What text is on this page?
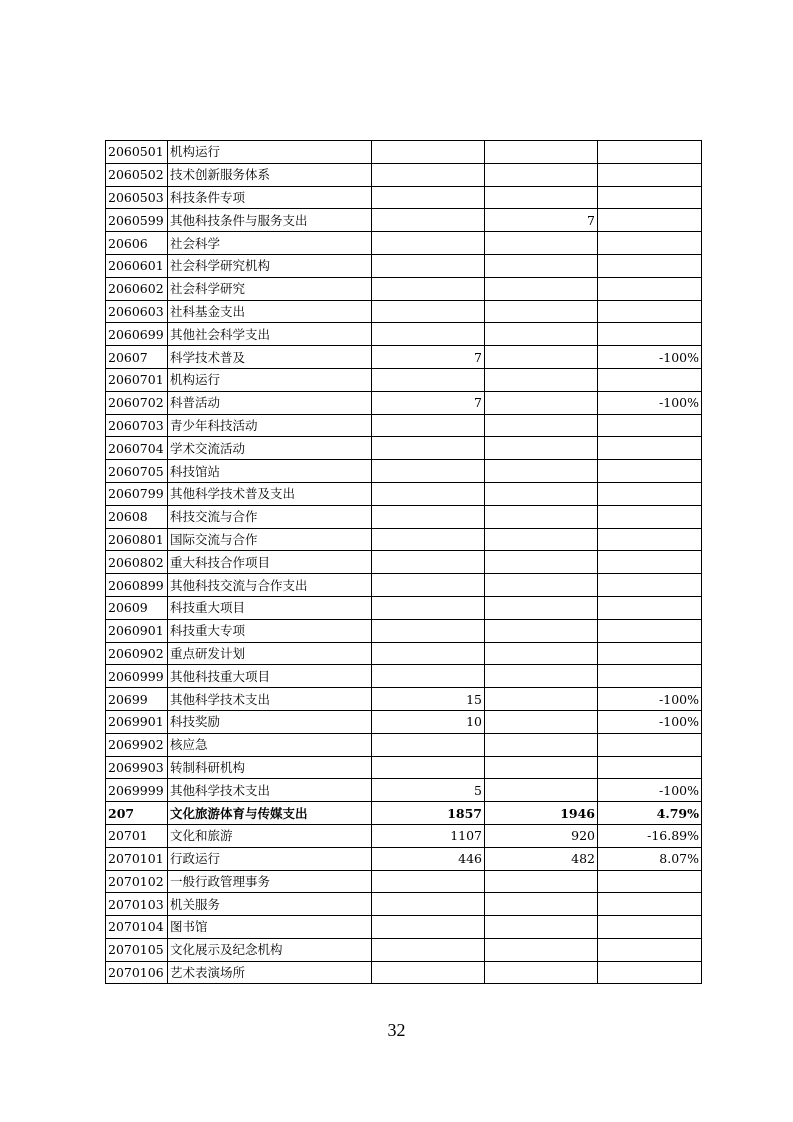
2060501	机构运行			
2060502	技术创新服务体系			
2060503	科技条件专项			
2060599	其他科技条件与服务支出		7	
20606	社会科学			
2060601	社会科学研究机构			
2060602	社会科学研究			
2060603	社科基金支出			
2060699	其他社会科学支出			
20607	科学技术普及	7		-100%
2060701	机构运行			
2060702	科普活动	7		-100%
2060703	青少年科技活动			
2060704	学术交流活动			
2060705	科技馆站			
2060799	其他科学技术普及支出			
20608	科技交流与合作			
2060801	国际交流与合作			
2060802	重大科技合作项目			
2060899	其他科技交流与合作支出			
20609	科技重大项目			
2060901	科技重大专项			
2060902	重点研发计划			
2060999	其他科技重大项目			
20699	其他科学技术支出	15		-100%
2069901	科技奖励	10		-100%
2069902	核应急			
2069903	转制科研机构			
2069999	其他科学技术支出	5		-100%
207	文化旅游体育与传媒支出	1857	1946	4.79%
20701	文化和旅游	1107	920	-16.89%
2070101	行政运行	446	482	8.07%
2070102	一般行政管理事务			
2070103	机关服务			
2070104	图书馆			
2070105	文化展示及纪念机构			
2070106	艺术表演场所			
32
